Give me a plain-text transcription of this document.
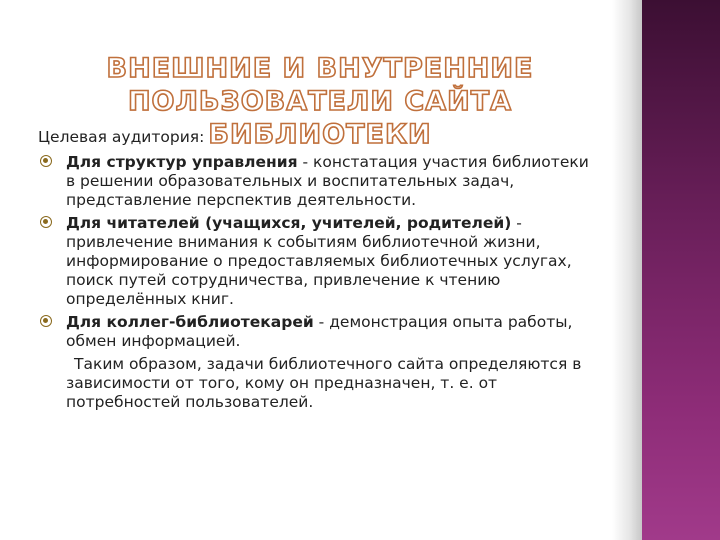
ВНЕШНИЕ И ВНУТРЕННИЕ
ПОЛЬЗОВАТЕЛИ САЙТА БИБЛИОТЕКИ
Целевая аудитория:
Для структур управления - констатация участия библиотеки в решении образовательных и воспитательных задач, представление перспектив деятельности.
Для читателей (учащихся, учителей, родителей) - привлечение внимания к событиям библиотечной жизни, информирование о предоставляемых библиотечных услугах, поиск путей сотрудничества, привлечение к чтению определённых книг.
Для коллег-библиотекарей - демонстрация опыта работы, обмен информацией.
Таким образом, задачи библиотечного сайта определяются в зависимости от того, кому он предназначен, т. е. от потребностей пользователей.
